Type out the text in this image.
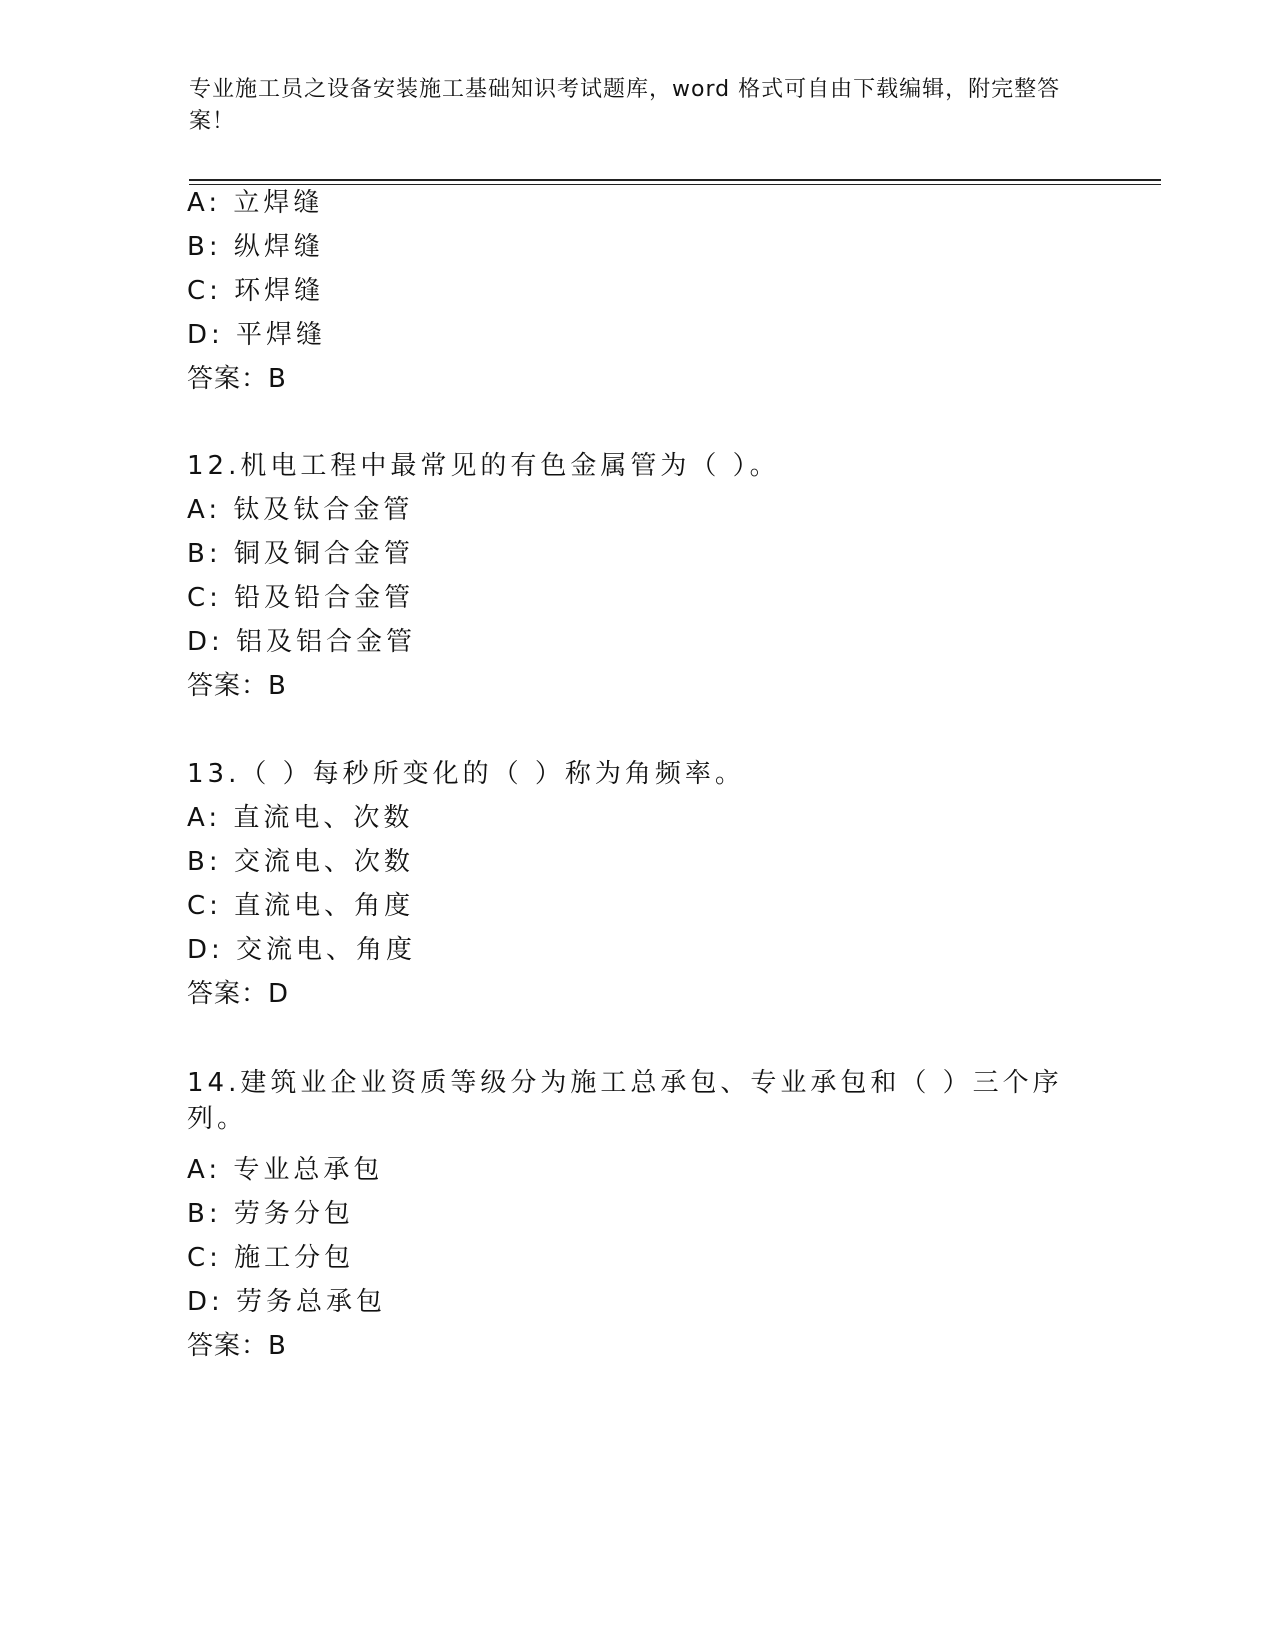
专业施工员之设备安装施工基础知识考试题库，word 格式可自由下载编辑，附完整答案！
A: 立焊缝
B: 纵焊缝
C: 环焊缝
D: 平焊缝
答案：B
12.机电工程中最常见的有色金属管为（ ）。
A: 钛及钛合金管
B: 铜及铜合金管
C: 铅及铅合金管
D: 铝及铝合金管
答案：B
13.（ ）每秒所变化的（ ）称为角频率。
A: 直流电、次数
B: 交流电、次数
C: 直流电、角度
D: 交流电、角度
答案：D
14.建筑业企业资质等级分为施工总承包、专业承包和（ ）三个序列。
A: 专业总承包
B: 劳务分包
C: 施工分包
D: 劳务总承包
答案：B
